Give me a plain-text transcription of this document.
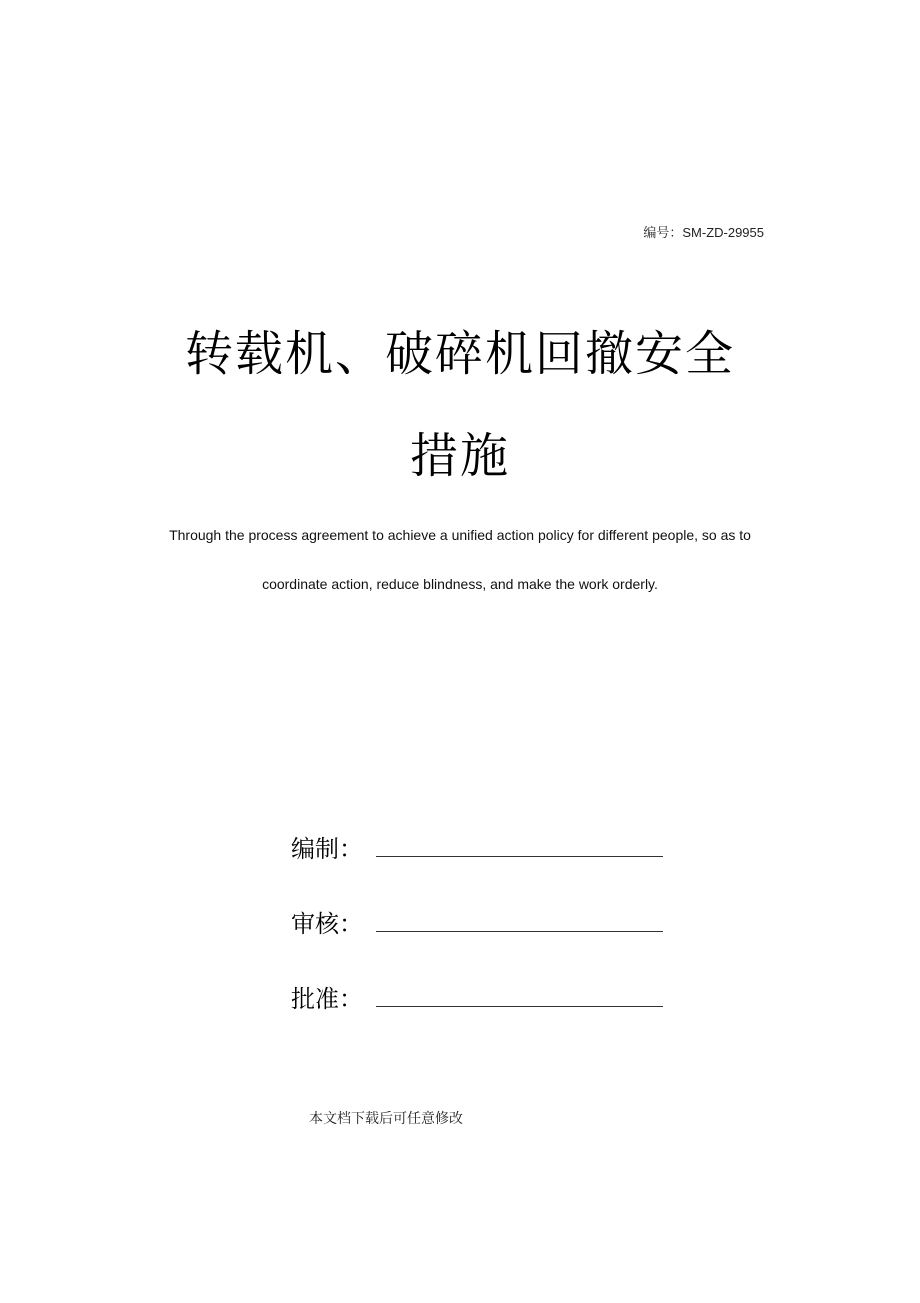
编号：SM-ZD-29955
转载机、破碎机回撤安全
措施
Through the process agreement to achieve a unified action policy for different people, so as to
coordinate action, reduce blindness, and make the work orderly.
编制：
审核：
批准：
本文档下载后可任意修改
